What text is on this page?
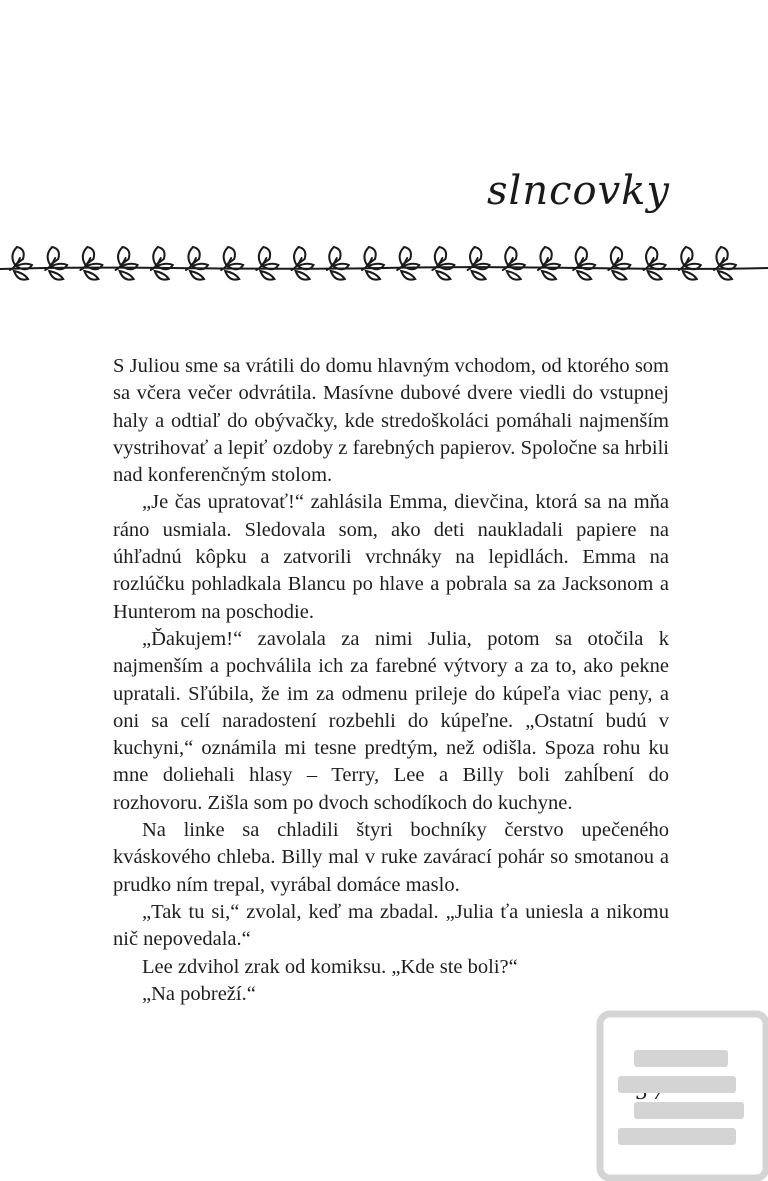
slncovky

S Juliou sme sa vrátili do domu hlavným vchodom, od ktorého som sa včera večer odvrátila. Masívne dubové dvere viedli do vstupnej haly a odtiaľ do obývačky, kde stredoškoláci pomáhali najmenším vystrihovať a lepiť ozdoby z farebných papierov. Spoločne sa hrbili nad konferenčným stolom.

„Je čas upratovať!“ zahlásila Emma, dievčina, ktorá sa na mňa ráno usmiala. Sledovala som, ako deti naukladali papiere na úhľadnú kôpku a zatvorili vrchnáky na lepidlách. Emma na rozlúčku pohladkala Blancu po hlave a pobrala sa za Jacksonom a Hunterom na poschodie.

„Ďakujem!“ zavolala za nimi Julia, potom sa otočila k najmenším a pochválila ich za farebné výtvory a za to, ako pekne upratali. Sľúbila, že im za odmenu prileje do kúpeľa viac peny, a oni sa celí naradostení rozbehli do kúpeľne. „Ostatní budú v kuchyni,“ oznámila mi tesne predtým, než odišla. Spoza rohu ku mne doliehali hlasy – Terry, Lee a Billy boli zahĺbení do rozhovoru. Zišla som po dvoch schodíkoch do kuchyne.

Na linke sa chladili štyri bochníky čerstvo upečeného kváskového chleba. Billy mal v ruke zavárací pohár so smotanou a prudko ním trepal, vyrábal domáce maslo.

„Tak tu si,“ zvolal, keď ma zbadal. „Julia ťa uniesla a nikomu nič nepovedala.“

Lee zdvihol zrak od komiksu. „Kde ste boli?“

„Na pobreží.“
